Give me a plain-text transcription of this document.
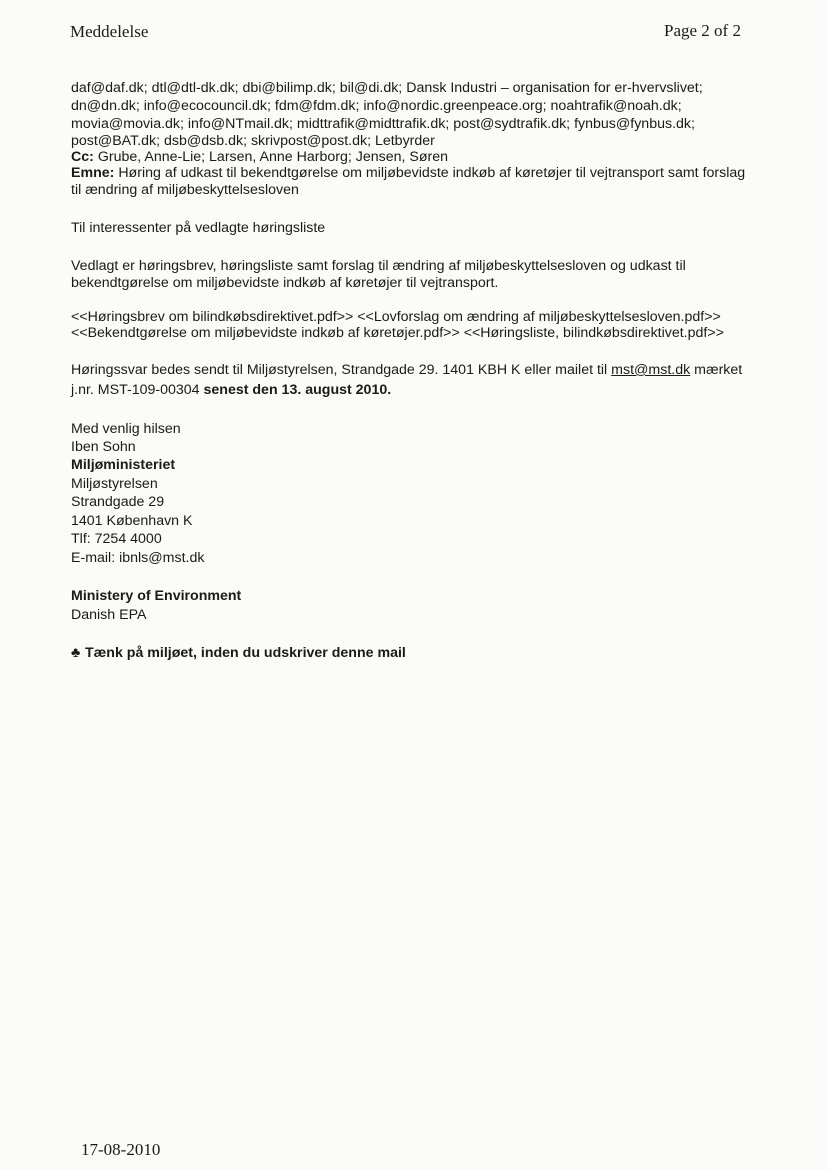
Meddelelse	Page 2 of 2
daf@daf.dk; dtl@dtl-dk.dk; dbi@bilimp.dk; bil@di.dk; Dansk Industri – organisation for er-hvervslivet;
dn@dn.dk; info@ecocouncil.dk; fdm@fdm.dk; info@nordic.greenpeace.org; noahtrafik@noah.dk;
movia@movia.dk; info@NTmail.dk; midttrafik@midttrafik.dk; post@sydtrafik.dk; fynbus@fynbus.dk;
post@BAT.dk; dsb@dsb.dk; skrivpost@post.dk; Letbyrder
Cc: Grube, Anne-Lie; Larsen, Anne Harborg; Jensen, Søren
Emne: Høring af udkast til bekendtgørelse om miljøbevidste indkøb af køretøjer til vejtransport samt forslag
til ændring af miljøbeskyttelsesloven
Til interessenter på vedlagte høringsliste
Vedlagt er høringsbrev, høringsliste samt forslag til ændring af miljøbeskyttelsesloven og udkast til
bekendtgørelse om miljøbevidste indkøb af køretøjer til vejtransport.
<<Høringsbrev om bilindkøbsdirektivet.pdf>> <<Lovforslag om ændring af miljøbeskyttelsesloven.pdf>>
<<Bekendtgørelse om miljøbevidste indkøb af køretøjer.pdf>> <<Høringsliste, bilindkøbsdirektivet.pdf>>
Høringssvar bedes sendt til Miljøstyrelsen, Strandgade 29. 1401 KBH K eller mailet til mst@mst.dk mærket
j.nr. MST-109-00304 senest den 13. august 2010.
Med venlig hilsen
Iben Sohn
Miljøministeriet
Miljøstyrelsen
Strandgade 29
1401 København K
Tlf: 7254 4000
E-mail: ibnls@mst.dk
Ministery of Environment
Danish EPA
♣ Tænk på miljøet, inden du udskriver denne mail
17-08-2010
